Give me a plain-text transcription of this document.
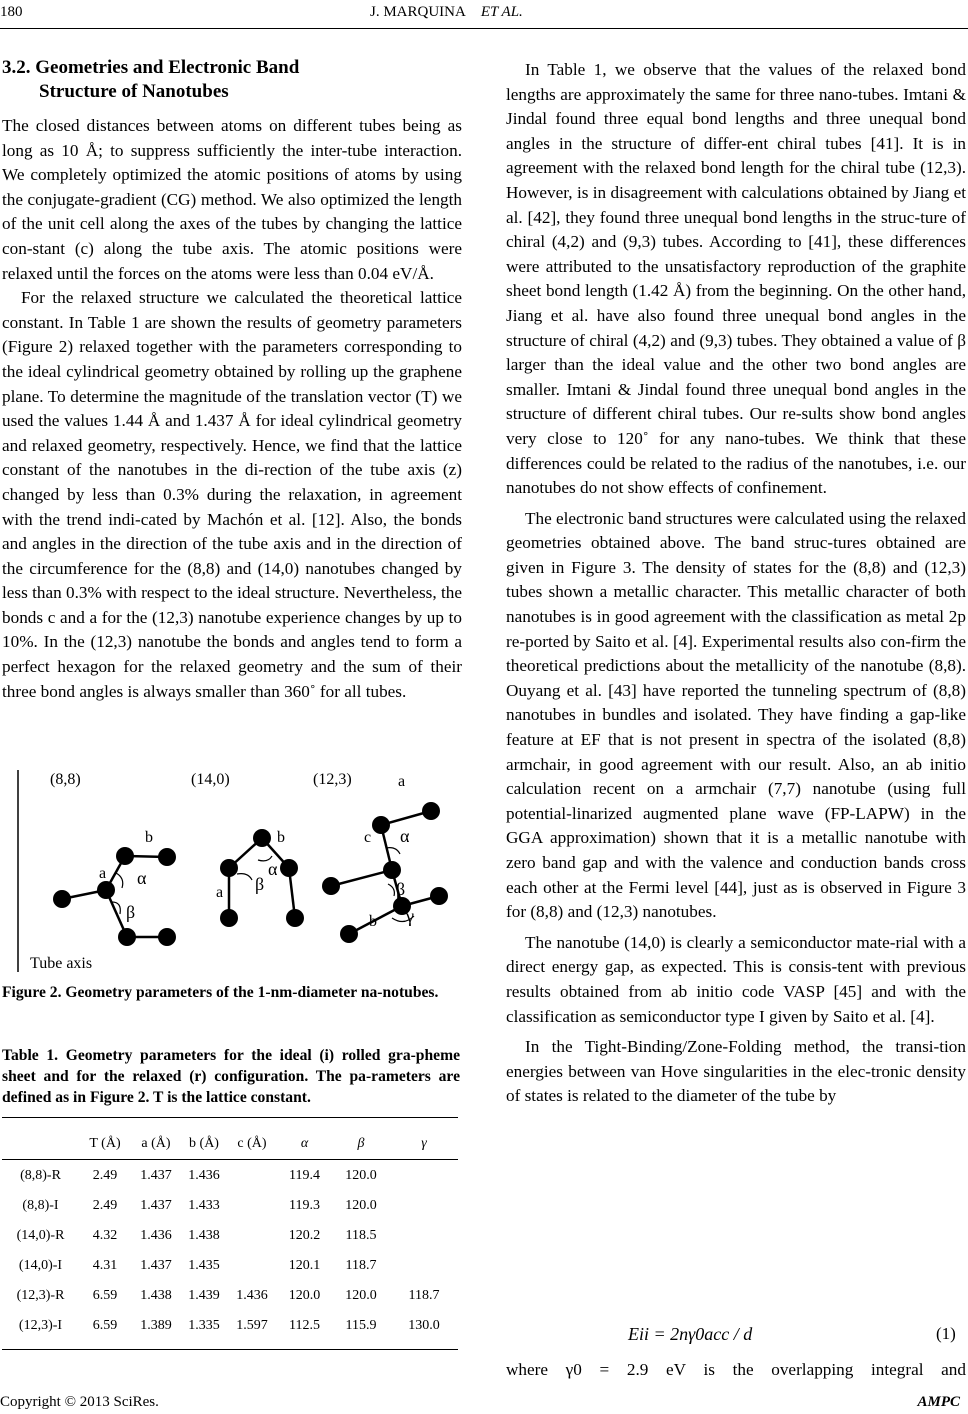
180	J. MARQUINA ET AL.
3.2. Geometries and Electronic Band
Structure of Nanotubes

The closed distances between atoms on different tubes being as long as 10 Å; to suppress sufficiently the inter-tube interaction. We completely optimized the atomic positions of atoms by using the conjugate-gradient (CG) method. We also optimized the length of the unit cell along the axes of the tubes by changing the lattice con-stant (c) along the tube axis. The atomic positions were relaxed until the forces on the atoms were less than 0.04 eV/Å.

For the relaxed structure we calculated the theoretical lattice constant. In Table 1 are shown the results of geometry parameters (Figure 2) relaxed together with the parameters corresponding to the ideal cylindrical geometry obtained by rolling up the graphene plane. To determine the magnitude of the translation vector (T) we used the values 1.44 Å and 1.437 Å for ideal cylindrical geometry and relaxed geometry, respectively. Hence, we find that the lattice constant of the nanotubes in the di-rection of the tube axis (z) changed by less than 0.3% during the relaxation, in agreement with the trend indi-cated by Machón et al. [12]. Also, the bonds and angles in the direction of the tube axis and in the direction of the circumference for the (8,8) and (14,0) nanotubes changed by less than 0.3% with respect to the ideal structure. Nevertheless, the bonds c and a for the (12,3) nanotube experience changes by up to 10%. In the (12,3) nanotube the bonds and angles tend to form a perfect hexagon for the relaxed geometry and the sum of their three bond angles is always smaller than 360˚ for all tubes.

Tube axis
(8,8)
a
b
α
β
(14,0)
b
a β
α
(12,3)	a
c
b
α
β
γ
Figure 2. Geometry parameters of the 1-nm-diameter na-notubes.
Table 1. Geometry parameters for the ideal (i) rolled gra-pheme sheet and for the relaxed (r) configuration. The pa-rameters are defined as in Figure 2. T is the lattice constant.
	T (Å)	a (Å)	b (Å)	c (Å)	α	β	γ

(8,8)-R	2.49	1.437	1.436		119.4	120.0	
(8,8)-I	2.49	1.437	1.433		119.3	120.0	
(14,0)-R	4.32	1.436	1.438		120.2	118.5	
(14,0)-I	4.31	1.437	1.435		120.1	118.7	
(12,3)-R	6.59	1.438	1.439	1.436	120.0	120.0	118.7
(12,3)-I	6.59	1.389	1.335	1.597	112.5	115.9	130.0

In Table 1, we observe that the values of the relaxed bond lengths are approximately the same for three nano-tubes. Imtani & Jindal found three equal bond lengths and three unequal bond angles in the structure of differ-ent chiral tubes [41]. It is in agreement with the relaxed bond length for the chiral tube (12,3). However, is in disagreement with calculations obtained by Jiang et al. [42], they found three unequal bond lengths in the struc-ture of chiral (4,2) and (9,3) tubes. According to [41], these differences were attributed to the unsatisfactory reproduction of the graphite sheet bond length (1.42 Å) from the beginning. On the other hand, Jiang et al. have also found three unequal bond angles in the structure of chiral (4,2) and (9,3) tubes. They obtained a value of β larger than the ideal value and the other two bond angles are smaller. Imtani & Jindal found three unequal bond angles in the structure of different chiral tubes. Our re-sults show bond angles very close to 120˚ for any nano-tubes. We think that these differences could be related to the radius of the nanotubes, i.e. our nanotubes do not show effects of confinement.

The electronic band structures were calculated using the relaxed geometries obtained above. The band struc-tures obtained are given in Figure 3. The density of states for the (8,8) and (12,3) tubes shown a metallic character. This metallic character of both nanotubes is in good agreement with the classification as metal 2p re-ported by Saito et al. [4]. Experimental results also con-firm the theoretical predictions about the metallicity of the nanotube (8,8). Ouyang et al. [43] have reported the tunneling spectrum of (8,8) nanotubes in bundles and isolated. They have finding a gap-like feature at EF that is not present in spectra of the isolated (8,8) armchair, in good agreement with our result. Also, an ab initio calculation recent on a armchair (7,7) nanotube (using full potential-linarized augmented plane wave (FP-LAPW) in the GGA approximation) shown that it is a metallic nanotube with zero band gap and with the valence and conduction bands cross each other at the Fermi level [44], just as is observed in Figure 3 for (8,8) and (12,3) nanotubes.

The nanotube (14,0) is clearly a semiconductor mate-rial with a direct energy gap, as expected. This is consis-tent with previous results obtained from ab initio code VASP [45] and with the classification as semiconductor type I given by Saito et al. [4].

In the Tight-Binding/Zone-Folding method, the transi-tion energies between van Hove singularities in the elec-tronic density of states is related to the diameter of the tube by

Eii = 2nγ0acc / d	(1)
where γ0 = 2.9 eV is the overlapping integral and
Copyright © 2013 SciRes.	AMPC
